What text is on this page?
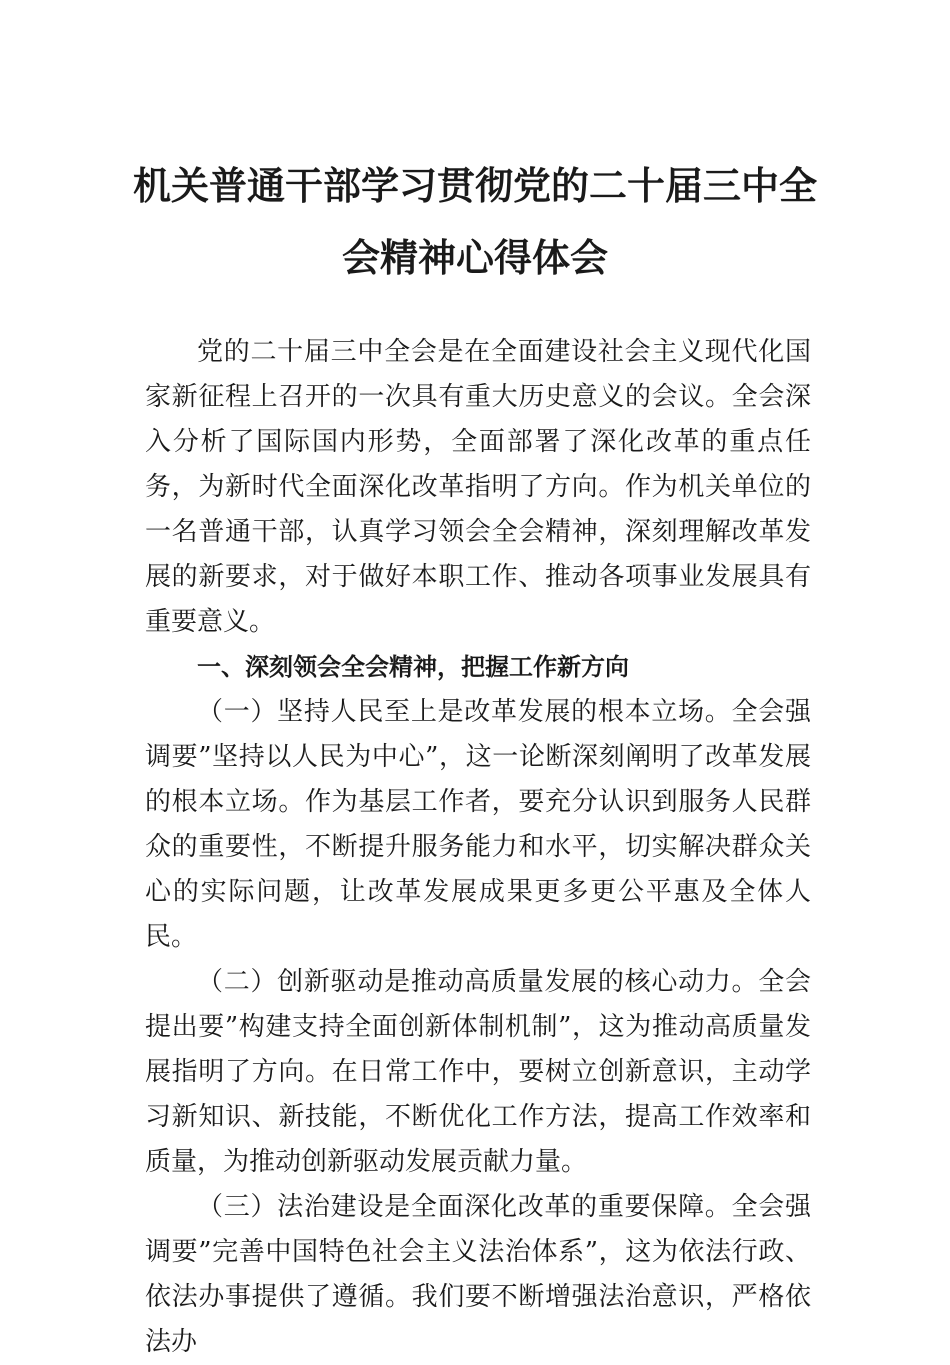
机关普通干部学习贯彻党的二十届三中全
会精神心得体会

党的二十届三中全会是在全面建设社会主义现代化国家新征程上召开的一次具有重大历史意义的会议。全会深入分析了国际国内形势，全面部署了深化改革的重点任务，为新时代全面深化改革指明了方向。作为机关单位的一名普通干部，认真学习领会全会精神，深刻理解改革发展的新要求，对于做好本职工作、推动各项事业发展具有重要意义。

一、深刻领会全会精神，把握工作新方向

（一）坚持人民至上是改革发展的根本立场。全会强调要”坚持以人民为中心”，这一论断深刻阐明了改革发展的根本立场。作为基层工作者，要充分认识到服务人民群众的重要性，不断提升服务能力和水平，切实解决群众关心的实际问题，让改革发展成果更多更公平惠及全体人民。

（二）创新驱动是推动高质量发展的核心动力。全会提出要”构建支持全面创新体制机制”，这为推动高质量发展指明了方向。在日常工作中，要树立创新意识，主动学习新知识、新技能，不断优化工作方法，提高工作效率和质量，为推动创新驱动发展贡献力量。

（三）法治建设是全面深化改革的重要保障。全会强调要”完善中国特色社会主义法治体系”，这为依法行政、依法办事提供了遵循。我们要不断增强法治意识，严格依法办
